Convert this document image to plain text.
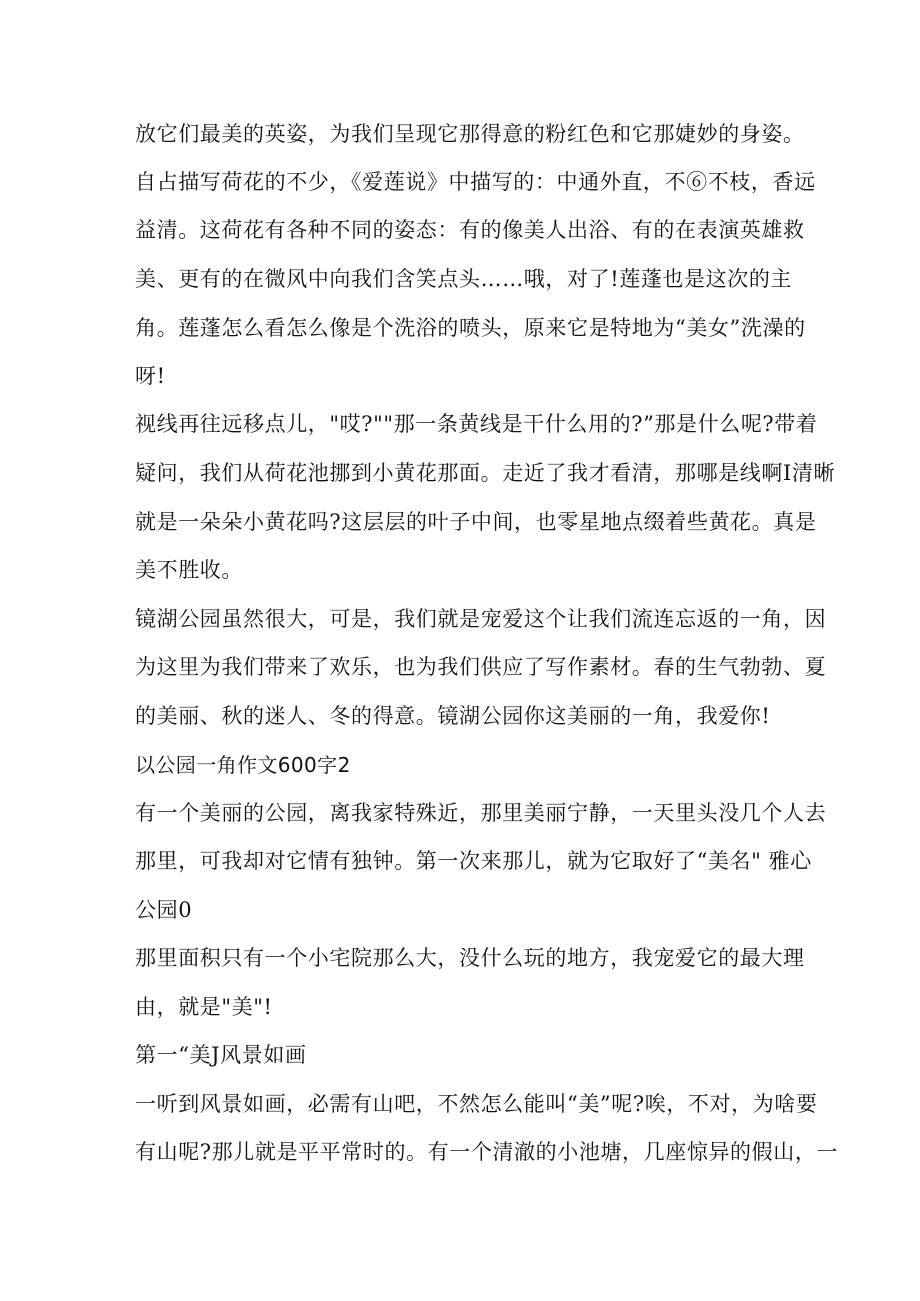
放它们最美的英姿，为我们呈现它那得意的粉红色和它那婕妙的身姿。
自占描写荷花的不少，《爱莲说》中描写的：中通外直，不⑥不枝，香远
益清。这荷花有各种不同的姿态：有的像美人出浴、有的在表演英雄救
美、更有的在微风中向我们含笑点头……哦，对了!莲蓬也是这次的主
角。莲蓬怎么看怎么像是个洗浴的喷头，原来它是特地为“美女”洗澡的
呀!
视线再往远移点儿，"哎?""那一条黄线是干什么用的?”那是什么呢?带着
疑问，我们从荷花池挪到小黄花那面。走近了我才看清，那哪是线啊I清晰
就是一朵朵小黄花吗?这层层的叶子中间，也零星地点缀着些黄花。真是
美不胜收。
镜湖公园虽然很大，可是，我们就是宠爱这个让我们流连忘返的一角，因
为这里为我们带来了欢乐，也为我们供应了写作素材。春的生气勃勃、夏
的美丽、秋的迷人、冬的得意。镜湖公园你这美丽的一角，我爱你!
以公园一角作文600字2
有一个美丽的公园，离我家特殊近，那里美丽宁静，一天里头没几个人去
那里，可我却对它情有独钟。第一次来那儿，就为它取好了“美名" 雅心
公园0
那里面积只有一个小宅院那么大，没什么玩的地方，我宠爱它的最大理
由，就是"美"!
第一“美J风景如画
一听到风景如画，必需有山吧，不然怎么能叫“美”呢?唉，不对，为啥要
有山呢?那儿就是平平常时的。有一个清澈的小池塘，几座惊异的假山，一
